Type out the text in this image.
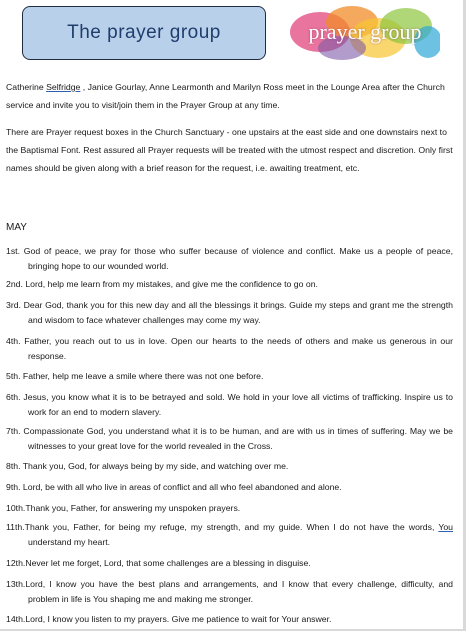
The prayer group	prayer group
Catherine Selfridge , Janice Gourlay, Anne Learmonth and Marilyn Ross meet in the Lounge Area after the Church service and invite you to visit/join them in the Prayer Group at any time.
There are Prayer request boxes in the Church Sanctuary - one upstairs at the east side and one downstairs next to the Baptismal Font. Rest assured all Prayer requests will be treated with the utmost respect and discretion. Only first names should be given along with a brief reason for the request, i.e. awaiting treatment, etc.
MAY
1st. God of peace, we pray for those who suffer because of violence and conflict. Make us a people of peace, bringing hope to our wounded world.
2nd. Lord, help me learn from my mistakes, and give me the confidence to go on.
3rd. Dear God, thank you for this new day and all the blessings it brings. Guide my steps and grant me the strength and wisdom to face whatever challenges may come my way.
4th. Father, you reach out to us in love. Open our hearts to the needs of others and make us generous in our response.
5th. Father, help me leave a smile where there was not one before.
6th. Jesus, you know what it is to be betrayed and sold. We hold in your love all victims of trafficking. Inspire us to work for an end to modern slavery.
7th. Compassionate God, you understand what it is to be human, and are with us in times of suffering. May we be witnesses to your great love for the world revealed in the Cross.
8th. Thank you, God, for always being by my side, and watching over me.
9th. Lord, be with all who live in areas of conflict and all who feel abandoned and alone.
10th.Thank you, Father, for answering my unspoken prayers.
11th.Thank you, Father, for being my refuge, my strength, and my guide. When I do not have the words, You understand my heart.
12th.Never let me forget, Lord, that some challenges are a blessing in disguise.
13th.Lord, I know you have the best plans and arrangements, and I know that every challenge, difficulty, and problem in life is You shaping me and making me stronger.
14th.Lord, I know you listen to my prayers. Give me patience to wait for Your answer.
